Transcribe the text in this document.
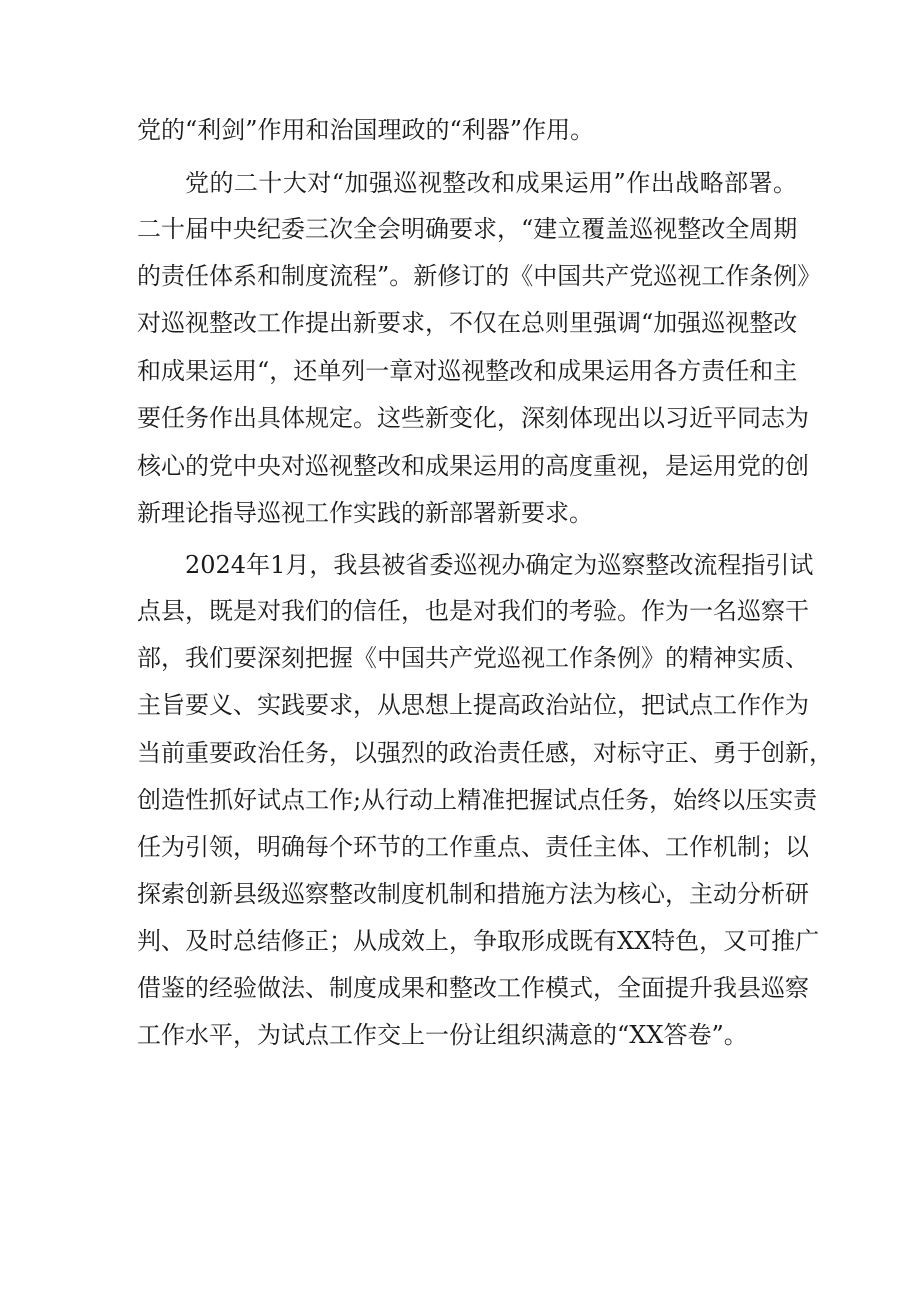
党的“利剑”作用和治国理政的“利器”作用。
党的二十大对“加强巡视整改和成果运用”作出战略部署。
二十届中央纪委三次全会明确要求，“建立覆盖巡视整改全周期
的责任体系和制度流程”。新修订的《中国共产党巡视工作条例》
对巡视整改工作提出新要求，不仅在总则里强调“加强巡视整改
和成果运用“，还单列一章对巡视整改和成果运用各方责任和主
要任务作出具体规定。这些新变化，深刻体现出以习近平同志为
核心的党中央对巡视整改和成果运用的高度重视，是运用党的创
新理论指导巡视工作实践的新部署新要求。
2024年1月，我县被省委巡视办确定为巡察整改流程指引试
点县，既是对我们的信任，也是对我们的考验。作为一名巡察干
部，我们要深刻把握《中国共产党巡视工作条例》的精神实质、
主旨要义、实践要求，从思想上提高政治站位，把试点工作作为
当前重要政治任务，以强烈的政治责任感，对标守正、勇于创新，
创造性抓好试点工作;从行动上精准把握试点任务，始终以压实责
任为引领，明确每个环节的工作重点、责任主体、工作机制；以
探索创新县级巡察整改制度机制和措施方法为核心，主动分析研
判、及时总结修正；从成效上，争取形成既有XX特色，又可推广
借鉴的经验做法、制度成果和整改工作模式，全面提升我县巡察
工作水平，为试点工作交上一份让组织满意的“XX答卷”。
